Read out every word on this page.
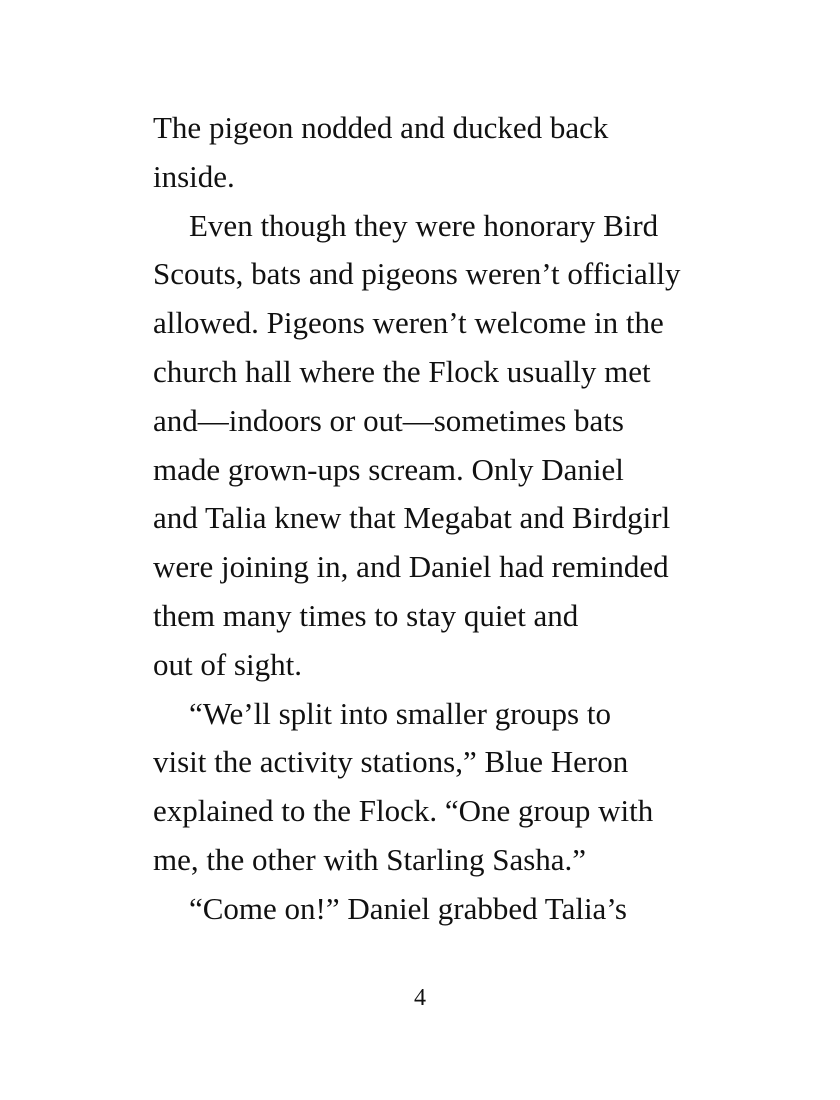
The pigeon nodded and ducked back
inside.
Even though they were honorary Bird
Scouts, bats and pigeons weren’t officially
allowed. Pigeons weren’t welcome in the
church hall where the Flock usually met
and—indoors or out—sometimes bats
made grown-ups scream. Only Daniel
and Talia knew that Megabat and Birdgirl
were joining in, and Daniel had reminded
them many times to stay quiet and
out of sight.
“We’ll split into smaller groups to
visit the activity stations,” Blue Heron
explained to the Flock. “One group with
me, the other with Starling Sasha.”
“Come on!” Daniel grabbed Talia’s
4
